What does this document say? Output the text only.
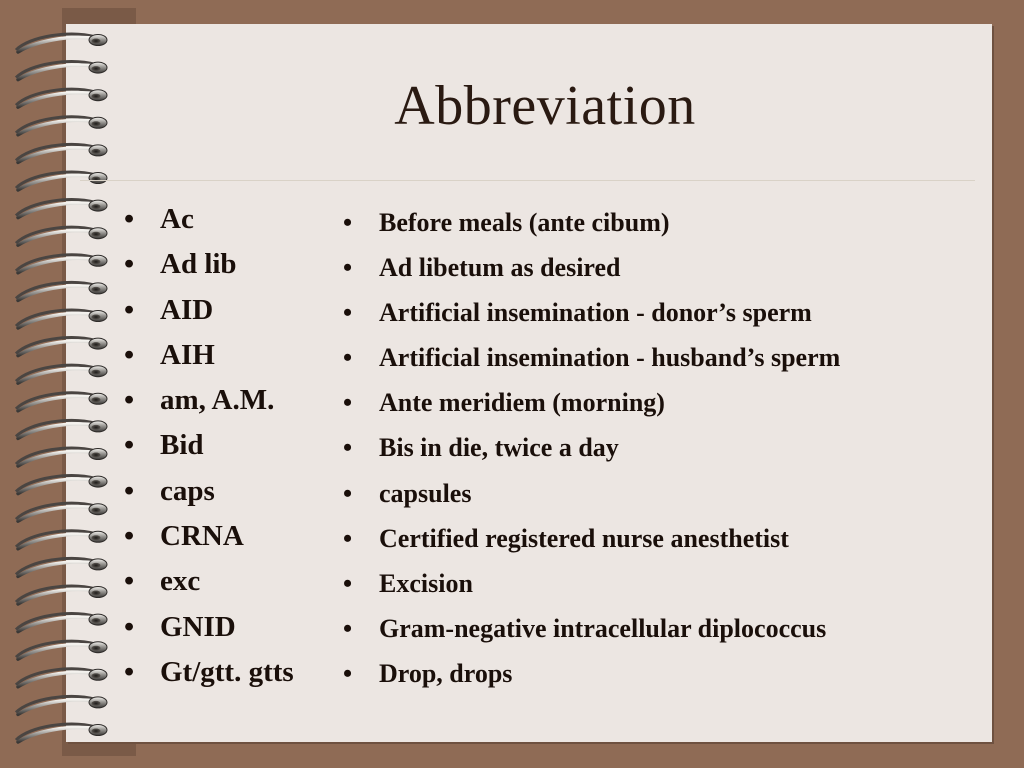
Abbreviation
• Ac
• Ad lib
• AID
• AIH
• am, A.M.
• Bid
• caps
• CRNA
• exc
• GNID
• Gt/gtt. gtts
• Before meals (ante cibum)
• Ad libetum as desired
• Artificial insemination - donor’s sperm
• Artificial insemination - husband’s sperm
• Ante meridiem (morning)
• Bis in die, twice a day
• capsules
• Certified registered nurse anesthetist
• Excision
• Gram-negative intracellular diplococcus
• Drop, drops
